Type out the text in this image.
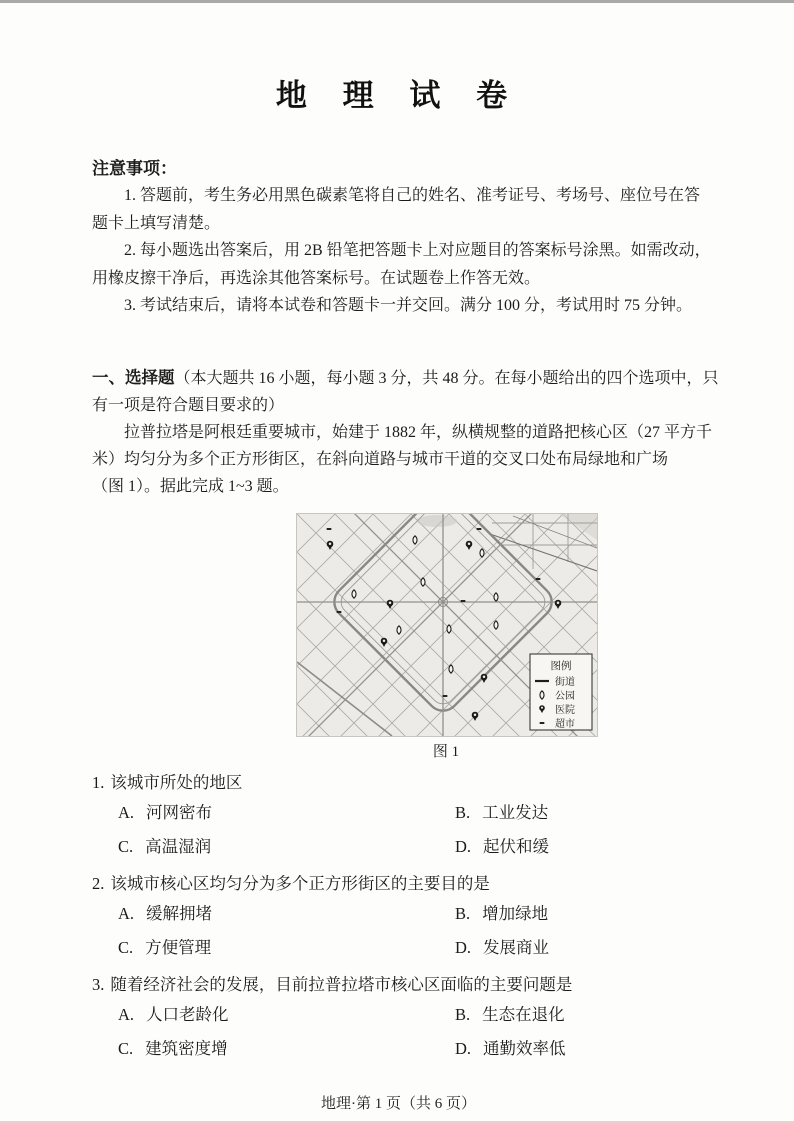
地 理 试 卷
注意事项：
1. 答题前，考生务必用黑色碳素笔将自己的姓名、准考证号、考场号、座位号在答
题卡上填写清楚。
2. 每小题选出答案后，用 2B 铅笔把答题卡上对应题目的答案标号涂黑。如需改动，
用橡皮擦干净后，再选涂其他答案标号。在试题卷上作答无效。
3. 考试结束后，请将本试卷和答题卡一并交回。满分 100 分，考试用时 75 分钟。
一、选择题（本大题共 16 小题，每小题 3 分，共 48 分。在每小题给出的四个选项中，只
有一项是符合题目要求的）
拉普拉塔是阿根廷重要城市，始建于 1882 年，纵横规整的道路把核心区（27 平方千
米）均匀分为多个正方形街区，在斜向道路与城市干道的交叉口处布局绿地和广场
（图 1）。据此完成 1~3 题。
图例
街道
公园
医院
超市
图 1
1. 该城市所处的地区
A. 河网密布	B. 工业发达
C. 高温湿润	D. 起伏和缓
2. 该城市核心区均匀分为多个正方形街区的主要目的是
A. 缓解拥堵	B. 增加绿地
C. 方便管理	D. 发展商业
3. 随着经济社会的发展，目前拉普拉塔市核心区面临的主要问题是
A. 人口老龄化	B. 生态在退化
C. 建筑密度增	D. 通勤效率低
地理·第 1 页（共 6 页）
